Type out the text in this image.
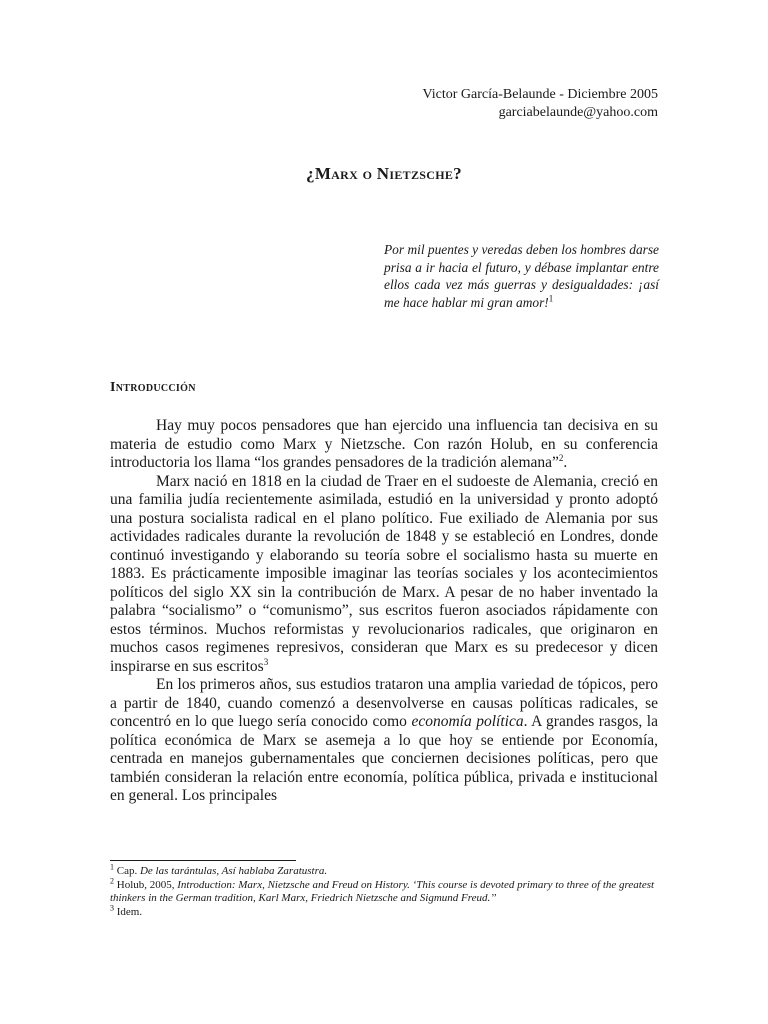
Victor García-Belaunde - Diciembre 2005
garciabelaunde@yahoo.com
¿Marx o Nietzsche?
Por mil puentes y veredas deben los hombres darse prisa a ir hacia el futuro, y débase implantar entre ellos cada vez más guerras y desigualdades: ¡así me hace hablar mi gran amor!$^1$
Introducción

Hay muy pocos pensadores que han ejercido una influencia tan decisiva en su materia de estudio como Marx y Nietzsche. Con razón Holub, en su conferencia introductoria los llama “los grandes pensadores de la tradición alemana”$^2$.

Marx nació en 1818 en la ciudad de Traer en el sudoeste de Alemania, creció en una familia judía recientemente asimilada, estudió en la universidad y pronto adoptó una postura socialista radical en el plano político. Fue exiliado de Alemania por sus actividades radicales durante la revolución de 1848 y se estableció en Londres, donde continuó investigando y elaborando su teoría sobre el socialismo hasta su muerte en 1883. Es prácticamente imposible imaginar las teorías sociales y los acontecimientos políticos del siglo XX sin la contribución de Marx. A pesar de no haber inventado la palabra “socialismo” o “comunismo”, sus escritos fueron asociados rápidamente con estos términos. Muchos reformistas y revolucionarios radicales, que originaron en muchos casos regimenes represivos, consideran que Marx es su predecesor y dicen inspirarse en sus escritos$^3$

En los primeros años, sus estudios trataron una amplia variedad de tópicos, pero a partir de 1840, cuando comenzó a desenvolverse en causas políticas radicales, se concentró en lo que luego sería conocido como economía política. A grandes rasgos, la política económica de Marx se asemeja a lo que hoy se entiende por Economía, centrada en manejos gubernamentales que conciernen decisiones políticas, pero que también consideran la relación entre economía, política pública, privada e institucional en general. Los principales

$^1$ Cap. De las tarántulas, Así hablaba Zaratustra.

$^2$ Holub, 2005, Introduction: Marx, Nietzsche and Freud on History. ‘This course is devoted primary to three of the greatest thinkers in the German tradition, Karl Marx, Friedrich Nietzsche and Sigmund Freud.’’

$^3$ Idem.
